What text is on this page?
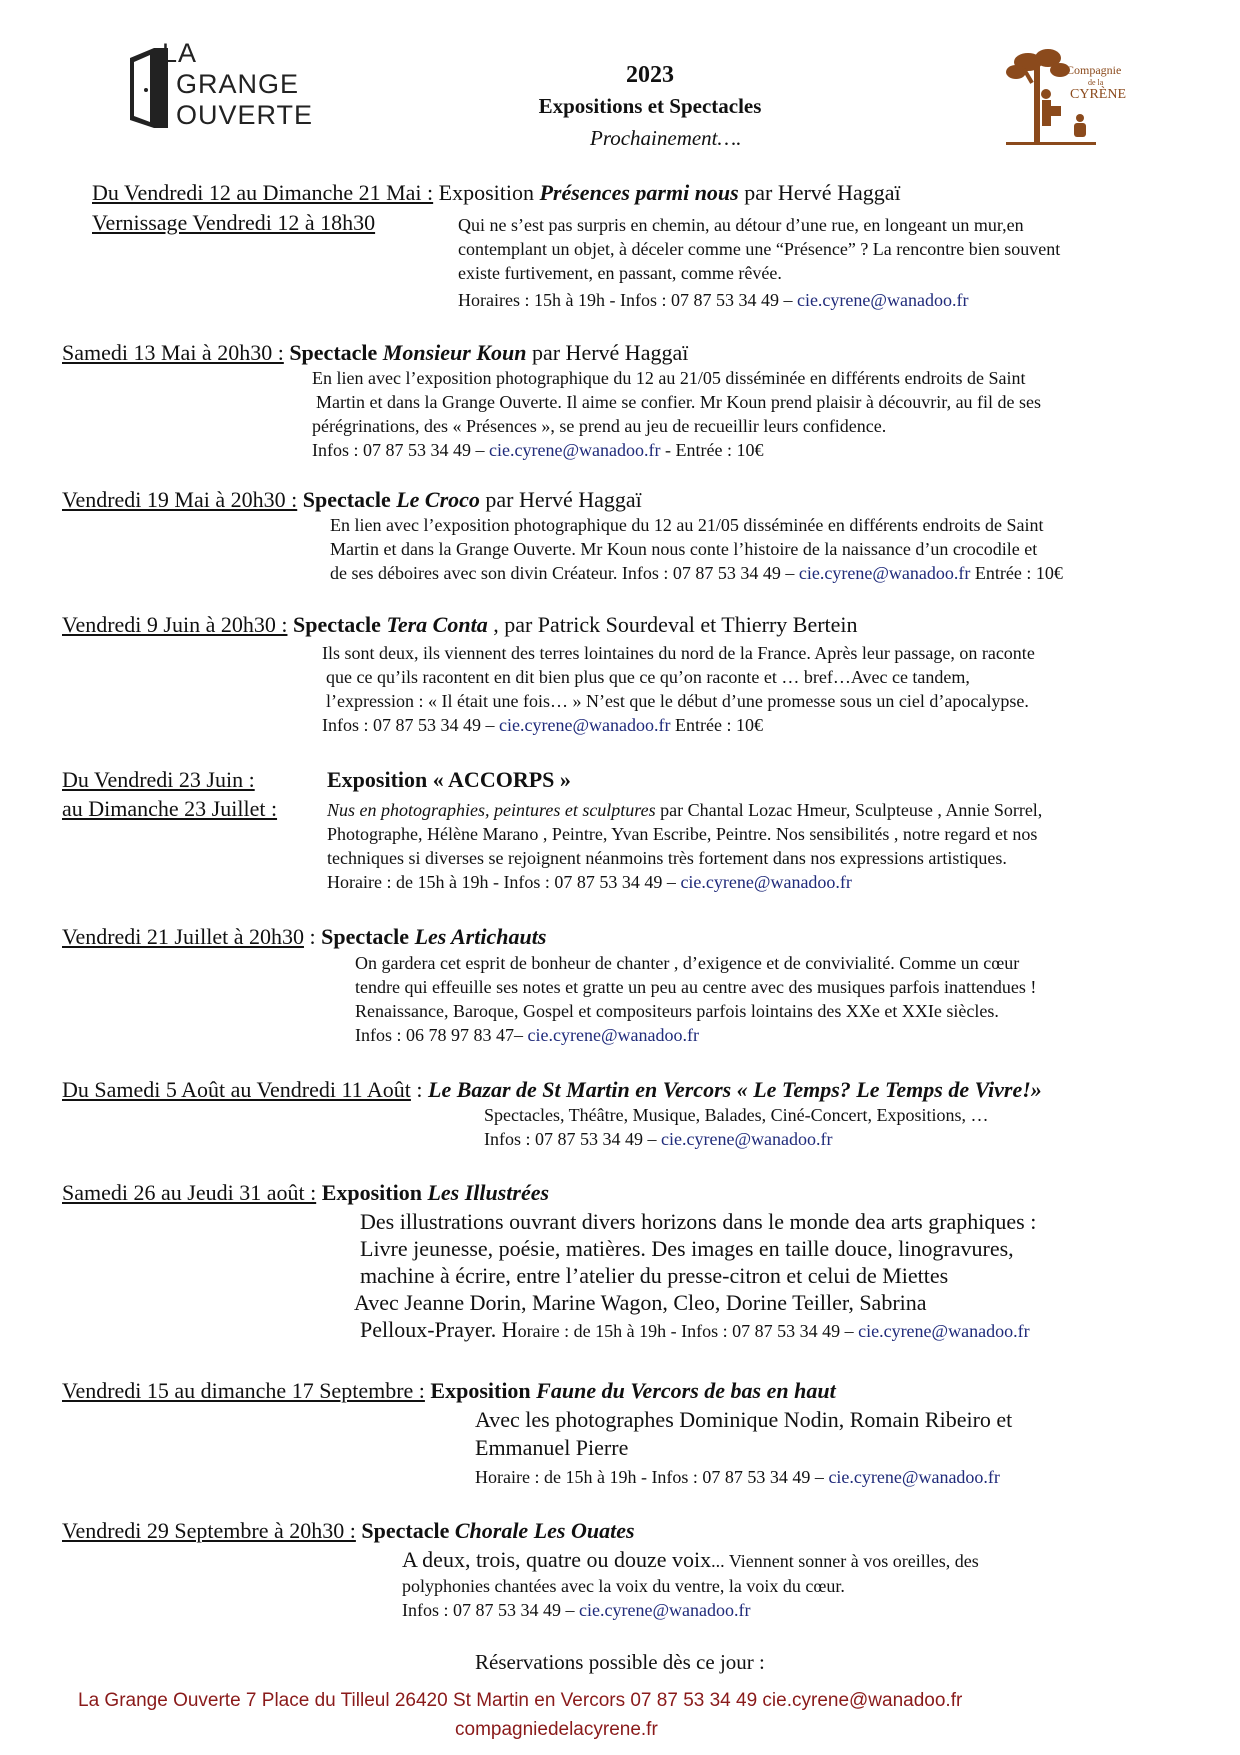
LA
GRANGE
OUVERTE
Compagnie
de la
CYRÈNE
2023
Expositions et Spectacles
Prochainement….
Du Vendredi 12 au Dimanche 21 Mai : Exposition Présences parmi nous par Hervé Haggaï
Vernissage Vendredi 12 à 18h30	Qui ne s’est pas surpris en chemin, au détour d’une rue, en longeant un mur,en
contemplant un objet, à déceler comme une “Présence” ? La rencontre bien souvent
existe furtivement, en passant, comme rêvée.
Horaires : 15h à 19h - Infos : 07 87 53 34 49 – cie.cyrene@wanadoo.fr
Samedi 13 Mai à 20h30 : Spectacle Monsieur Koun par Hervé Haggaï
En lien avec l’exposition photographique du 12 au 21/05 disséminée en différents endroits de Saint
Martin et dans la Grange Ouverte. Il aime se confier. Mr Koun prend plaisir à découvrir, au fil de ses
pérégrinations, des « Présences », se prend au jeu de recueillir leurs confidence.
Infos : 07 87 53 34 49 – cie.cyrene@wanadoo.fr - Entrée : 10€
Vendredi 19 Mai à 20h30 : Spectacle Le Croco par Hervé Haggaï
En lien avec l’exposition photographique du 12 au 21/05 disséminée en différents endroits de Saint
Martin et dans la Grange Ouverte. Mr Koun nous conte l’histoire de la naissance d’un crocodile et
de ses déboires avec son divin Créateur. Infos : 07 87 53 34 49 – cie.cyrene@wanadoo.fr Entrée : 10€
Vendredi 9 Juin à 20h30 : Spectacle Tera Conta , par Patrick Sourdeval et Thierry Bertein
Ils sont deux, ils viennent des terres lointaines du nord de la France. Après leur passage, on raconte
que ce qu’ils racontent en dit bien plus que ce qu’on raconte et … bref…Avec ce tandem,
l’expression : « Il était une fois… » N’est que le début d’une promesse sous un ciel d’apocalypse.
Infos : 07 87 53 34 49 – cie.cyrene@wanadoo.fr Entrée : 10€
Du Vendredi 23 Juin :	Exposition « ACCORPS »
au Dimanche 23 Juillet :	Nus en photographies, peintures et sculptures par Chantal Lozac Hmeur, Sculpteuse , Annie Sorrel,
Photographe, Hélène Marano , Peintre, Yvan Escribe, Peintre. Nos sensibilités , notre regard et nos
techniques si diverses se rejoignent néanmoins très fortement dans nos expressions artistiques.
Horaire : de 15h à 19h - Infos : 07 87 53 34 49 – cie.cyrene@wanadoo.fr
Vendredi 21 Juillet à 20h30 : Spectacle Les Artichauts
On gardera cet esprit de bonheur de chanter , d’exigence et de convivialité. Comme un cœur
tendre qui effeuille ses notes et gratte un peu au centre avec des musiques parfois inattendues !
Renaissance, Baroque, Gospel et compositeurs parfois lointains des XXe et XXIe siècles.
Infos : 06 78 97 83 47– cie.cyrene@wanadoo.fr
Du Samedi 5 Août au Vendredi 11 Août : Le Bazar de St Martin en Vercors « Le Temps? Le Temps de Vivre!»
Spectacles, Théâtre, Musique, Balades, Ciné-Concert, Expositions, …
Infos : 07 87 53 34 49 – cie.cyrene@wanadoo.fr
Samedi 26 au Jeudi 31 août : Exposition Les Illustrées
Des illustrations ouvrant divers horizons dans le monde dea arts graphiques :
Livre jeunesse, poésie, matières. Des images en taille douce, linogravures,
machine à écrire, entre l’atelier du presse-citron et celui de Miettes
Avec Jeanne Dorin, Marine Wagon, Cleo, Dorine Teiller, Sabrina
Pelloux-Prayer. Horaire : de 15h à 19h - Infos : 07 87 53 34 49 – cie.cyrene@wanadoo.fr
Vendredi 15 au dimanche 17 Septembre : Exposition Faune du Vercors de bas en haut
Avec les photographes Dominique Nodin, Romain Ribeiro et
Emmanuel Pierre
Horaire : de 15h à 19h - Infos : 07 87 53 34 49 – cie.cyrene@wanadoo.fr
Vendredi 29 Septembre à 20h30 : Spectacle Chorale Les Ouates
A deux, trois, quatre ou douze voix... Viennent sonner à vos oreilles, des
polyphonies chantées avec la voix du ventre, la voix du cœur.
Infos : 07 87 53 34 49 – cie.cyrene@wanadoo.fr
Réservations possible dès ce jour :
La Grange Ouverte 7 Place du Tilleul 26420 St Martin en Vercors 07 87 53 34 49 cie.cyrene@wanadoo.fr
compagniedelacyrene.fr
